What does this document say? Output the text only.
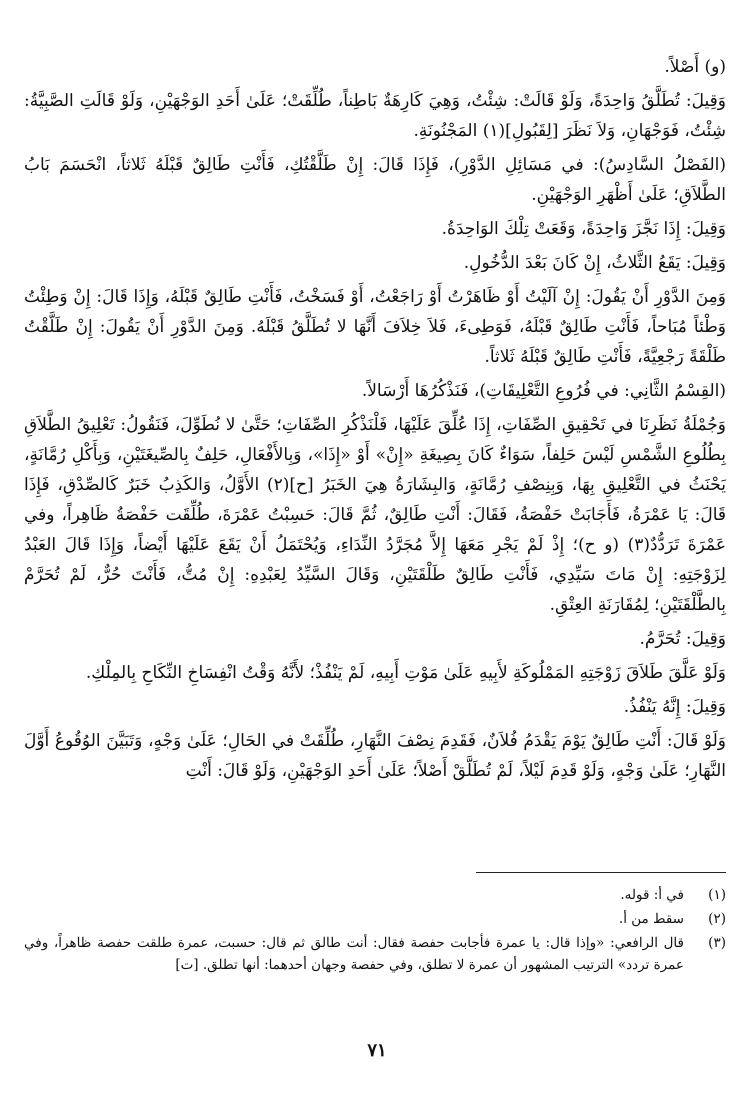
(و) أَصْلاً.

وَقِيلَ: تُطَلَّقُ وَاحِدَةً، وَلَوْ قَالَتْ: شِئْتُ، وَهِيَ كَارِهَةٌ بَاطِناً، طُلِّقَتْ؛ عَلَىٰ أَحَدِ الوَجْهَيْنِ، وَلَوْ قَالَتِ الصَّبِيَّةُ: شِئْتُ، فَوَجْهَانِ، وَلاَ نَظَرَ [لِقَبُولِ](١) المَجْنُونَةِ.

(الفَصْلُ السَّادِسُ): في مَسَائِلِ الدَّوْرِ)، فَإِذَا قَالَ: إِنْ طَلَّقْتُكِ، فَأَنْتِ طَالِقٌ قَبْلَهُ ثَلاثاً، انْحَسَمَ بَابُ الطَّلاَقِ؛ عَلَىٰ أَظْهَرِ الوَجْهَيْنِ.

وَقِيلَ: إِذَا نَجَّزَ وَاحِدَةً، وَقَعَتْ تِلْكَ الوَاحِدَةُ.

وَقِيلَ: يَقَعُ الثَّلاثُ، إِنْ كَانَ بَعْدَ الدُّخُولِ.

وَمِنَ الدَّوْرِ أَنْ يَقُولَ: إِنْ آلَيْتُ أَوْ ظَاهَرْتُ أَوْ رَاجَعْتُ، أَوْ فَسَخْتُ، فَأَنْتِ طَالِقٌ قَبْلَهُ، وَإِذَا قَالَ: إِنْ وَطِئْتُ وَطْئاً مُبَاحاً، فَأَنْتِ طَالِقٌ قَبْلَهُ، فَوَطِىءَ، فَلاَ خِلاَفَ أَنَّهَا لا تُطَلَّقُ قَبْلَهُ. وَمِنَ الدَّوْرِ أَنْ يَقُولَ: إِنْ طَلَّقْتُ طَلْقَةً رَجْعِيَّةً، فَأَنْتِ طَالِقٌ قَبْلَهُ ثَلاثاً.

(القِسْمُ الثَّانِي: في فُرُوعِ التَّعْلِيقَاتِ)، فَنَذْكُرُهَا أَرْسَالاً.

وَجُمْلَةُ نَظَرِنَا في تَحْقِيقِ الصِّفَاتِ، إِذَا عُلِّقَ عَلَيْهَا، فَلْنَذْكُرِ الصِّفَاتِ؛ حَتَّىٰ لا نُطَوِّلَ، فَنَقُولُ: تَعْلِيقُ الطَّلاَقِ بِطُلُوعِ الشَّمْسِ لَيْسَ حَلِفاً، سَوَاءٌ كَانَ بِصِيغَةِ «إِنْ» أَوْ «إِذَا»، وَبِالأَفْعَالِ، حَلِفٌ بِالصِّيغَتَيْنِ، وَبِأَكْلِ رُمَّانَةٍ، يَحْنَثُ في التَّعْلِيقِ بِهَا، وَبِنِصْفِ رُمَّانَةٍ، وَالبِشَارَةُ هِيَ الخَبَرُ [ح](٢) الأَوَّلُ، وَالكَذِبُ خَبَرٌ كَالصِّدْقِ، فَإِذَا قَالَ: يَا عَمْرَةُ، فَأَجَابَتْ حَفْصَةُ، فَقَالَ: أَنْتِ طَالِقٌ، ثُمَّ قَالَ: حَسِبْتُ عَمْرَةَ، طُلِّقَت حَفْصَةُ ظَاهِراً، وفي عَمْرَةَ تَرَدُّدٌ(٣) (و ح)؛ إِذْ لَمْ يَجْرِ مَعَهَا إِلاَّ مُجَرَّدُ النِّدَاءِ، وَيُحْتَمَلُ أَنْ يَقَعَ عَلَيْهَا أَيْضاً، وَإِذَا قَالَ العَبْدُ لِزَوْجَتِهِ: إِنْ مَاتَ سَيِّدِي، فَأَنْتِ طَالِقٌ طَلْقَتَيْنِ، وَقَالَ السَّيِّدُ لِعَبْدِهِ: إِنْ مُتُّ، فَأَنْتَ حُرٌّ، لَمْ تُحَرَّمْ بِالطَّلْقَتَيْنِ؛ لِمُقَارَنَةِ العِتْقِ.

وَقِيلَ: تُحَرَّمُ.

وَلَوْ عَلَّقَ طَلاَقَ زَوْجَتِهِ المَمْلُوكَةِ لأَبِيهِ عَلَىٰ مَوْتِ أَبِيهِ، لَمْ يَنْفُذْ؛ لأَنَّهُ وَقْتُ انْفِسَاخِ النِّكَاحِ بِالمِلْكِ.

وَقِيلَ: إِنَّهُ يَنْفُذُ.

وَلَوْ قَالَ: أَنْتِ طَالِقٌ يَوْمَ يَقْدَمُ فُلاَنٌ، فَقَدِمَ نِصْفَ النَّهَارِ، طُلِّقَتْ في الحَالِ؛ عَلَىٰ وَجْهٍ، وَتَبَيَّنَ الوُقُوعُ أَوَّلَ النَّهَارِ؛ عَلَىٰ وَجْهٍ، وَلَوْ قَدِمَ لَيْلاً، لَمْ تُطَلَّقْ أَصْلاً؛ عَلَىٰ أَحَدِ الوَجْهَيْنِ، وَلَوْ قَالَ: أَنْتِ

(١)
في أ: قوله.
(٢)
سقط من أ.
(٣)
قال الرافعي: «وإذا قال: يا عمرة فأجابت حفصة فقال: أنت طالق ثم قال: حسبت، عمرة طلقت حفصة ظاهراً، وفي عمرة تردد» الترتيب المشهور أن عمرة لا تطلق، وفي حفصة وجهان أحدهما: أنها تطلق. [ت]
٧١
